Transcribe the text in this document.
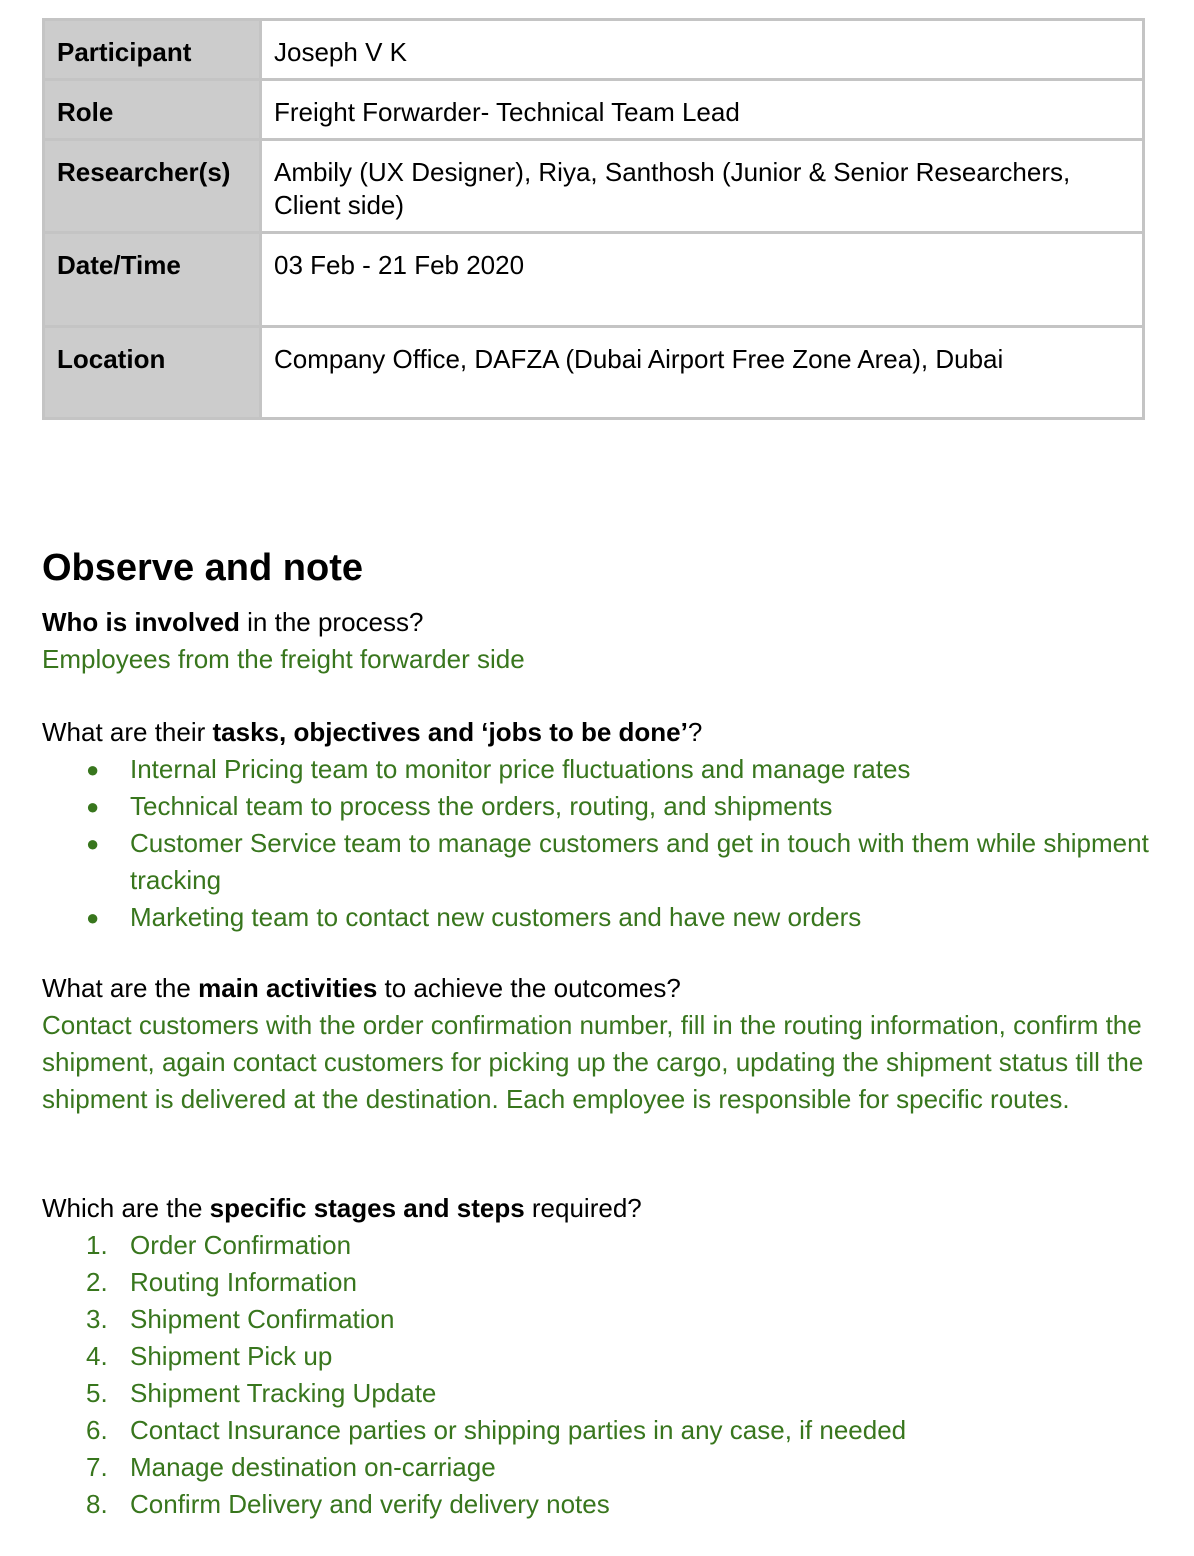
Participant	Joseph V K
Role	Freight Forwarder- Technical Team Lead
Researcher(s)	Ambily (UX Designer), Riya, Santhosh (Junior & Senior Researchers, Client side)
Date/Time	03 Feb - 21 Feb 2020
Location	Company Office, DAFZA (Dubai Airport Free Zone Area), Dubai
Observe and note

Who is involved in the process?

Employees from the freight forwarder side

What are their tasks, objectives and ‘jobs to be done’?

● Internal Pricing team to monitor price fluctuations and manage rates
● Technical team to process the orders, routing, and shipments
● Customer Service team to manage customers and get in touch with them while shipment tracking
● Marketing team to contact new customers and have new orders

What are the main activities to achieve the outcomes?

Contact customers with the order confirmation number, fill in the routing information, confirm the shipment, again contact customers for picking up the cargo, updating the shipment status till the shipment is delivered at the destination. Each employee is responsible for specific routes.

Which are the specific stages and steps required?

1. Order Confirmation
2. Routing Information
3. Shipment Confirmation
4. Shipment Pick up
5. Shipment Tracking Update
6. Contact Insurance parties or shipping parties in any case, if needed
7. Manage destination on-carriage
8. Confirm Delivery and verify delivery notes
